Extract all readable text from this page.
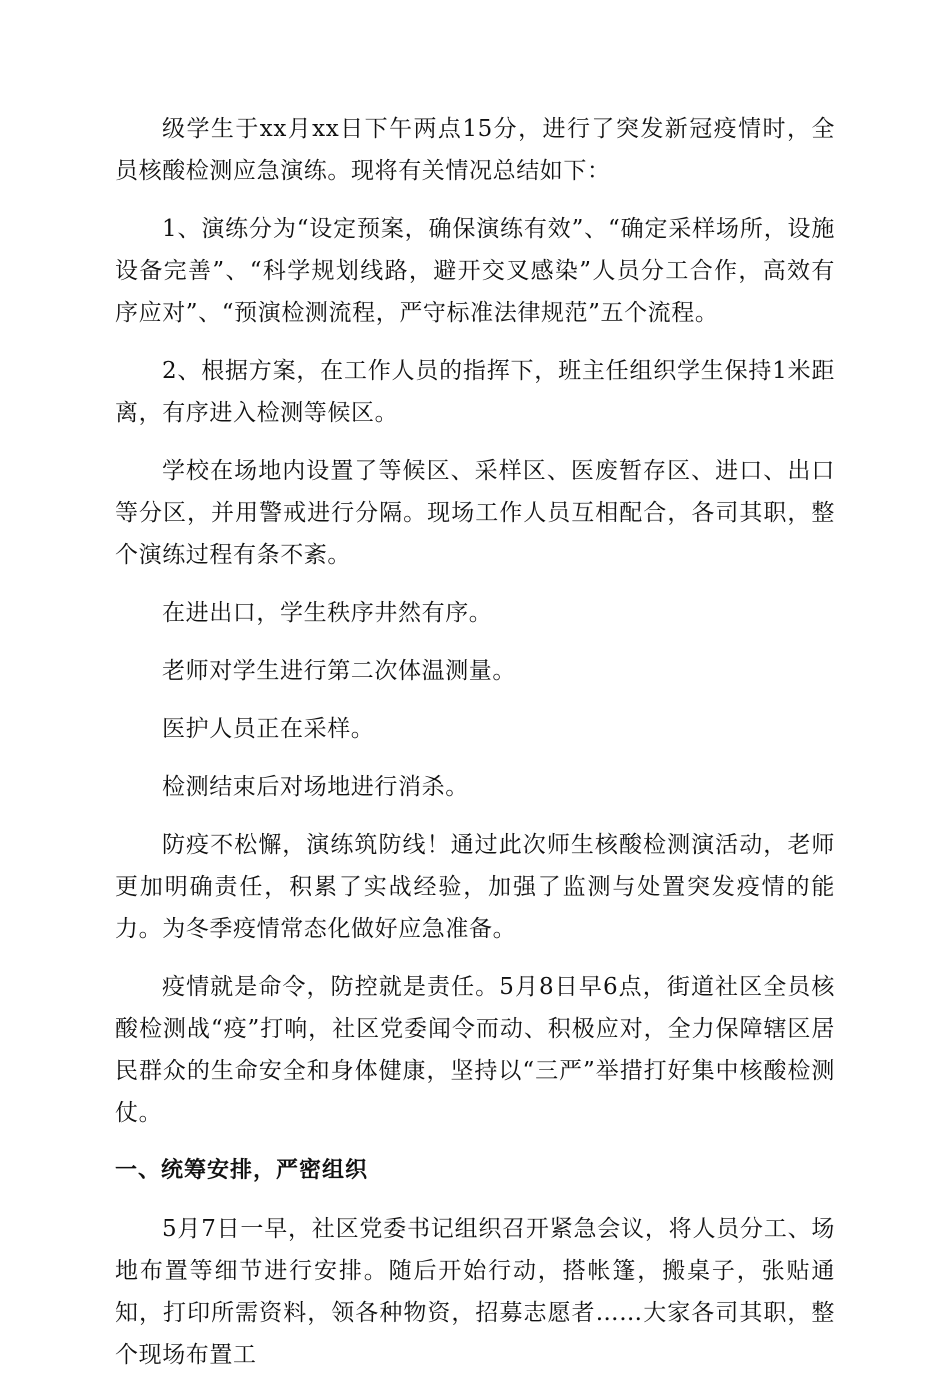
级学生于xx月xx日下午两点15分，进行了突发新冠疫情时，全员核酸检测应急演练。现将有关情况总结如下：

1、演练分为“设定预案，确保演练有效”、“确定采样场所，设施设备完善”、“科学规划线路，避开交叉感染”人员分工合作，高效有序应对”、“预演检测流程，严守标准法律规范”五个流程。

2、根据方案，在工作人员的指挥下，班主任组织学生保持1米距离，有序进入检测等候区。

学校在场地内设置了等候区、采样区、医废暂存区、进口、出口等分区，并用警戒进行分隔。现场工作人员互相配合，各司其职，整个演练过程有条不紊。

在进出口，学生秩序井然有序。

老师对学生进行第二次体温测量。

医护人员正在采样。

检测结束后对场地进行消杀。

防疫不松懈，演练筑防线！通过此次师生核酸检测演活动，老师更加明确责任，积累了实战经验，加强了监测与处置突发疫情的能力。为冬季疫情常态化做好应急准备。

疫情就是命令，防控就是责任。5月8日早6点，街道社区全员核酸检测战“疫”打响，社区党委闻令而动、积极应对，全力保障辖区居民群众的生命安全和身体健康，坚持以“三严”举措打好集中核酸检测仗。

一、统筹安排，严密组织

5月7日一早，社区党委书记组织召开紧急会议，将人员分工、场地布置等细节进行安排。随后开始行动，搭帐篷，搬桌子，张贴通知，打印所需资料，领各种物资，招募志愿者……大家各司其职，整个现场布置工
